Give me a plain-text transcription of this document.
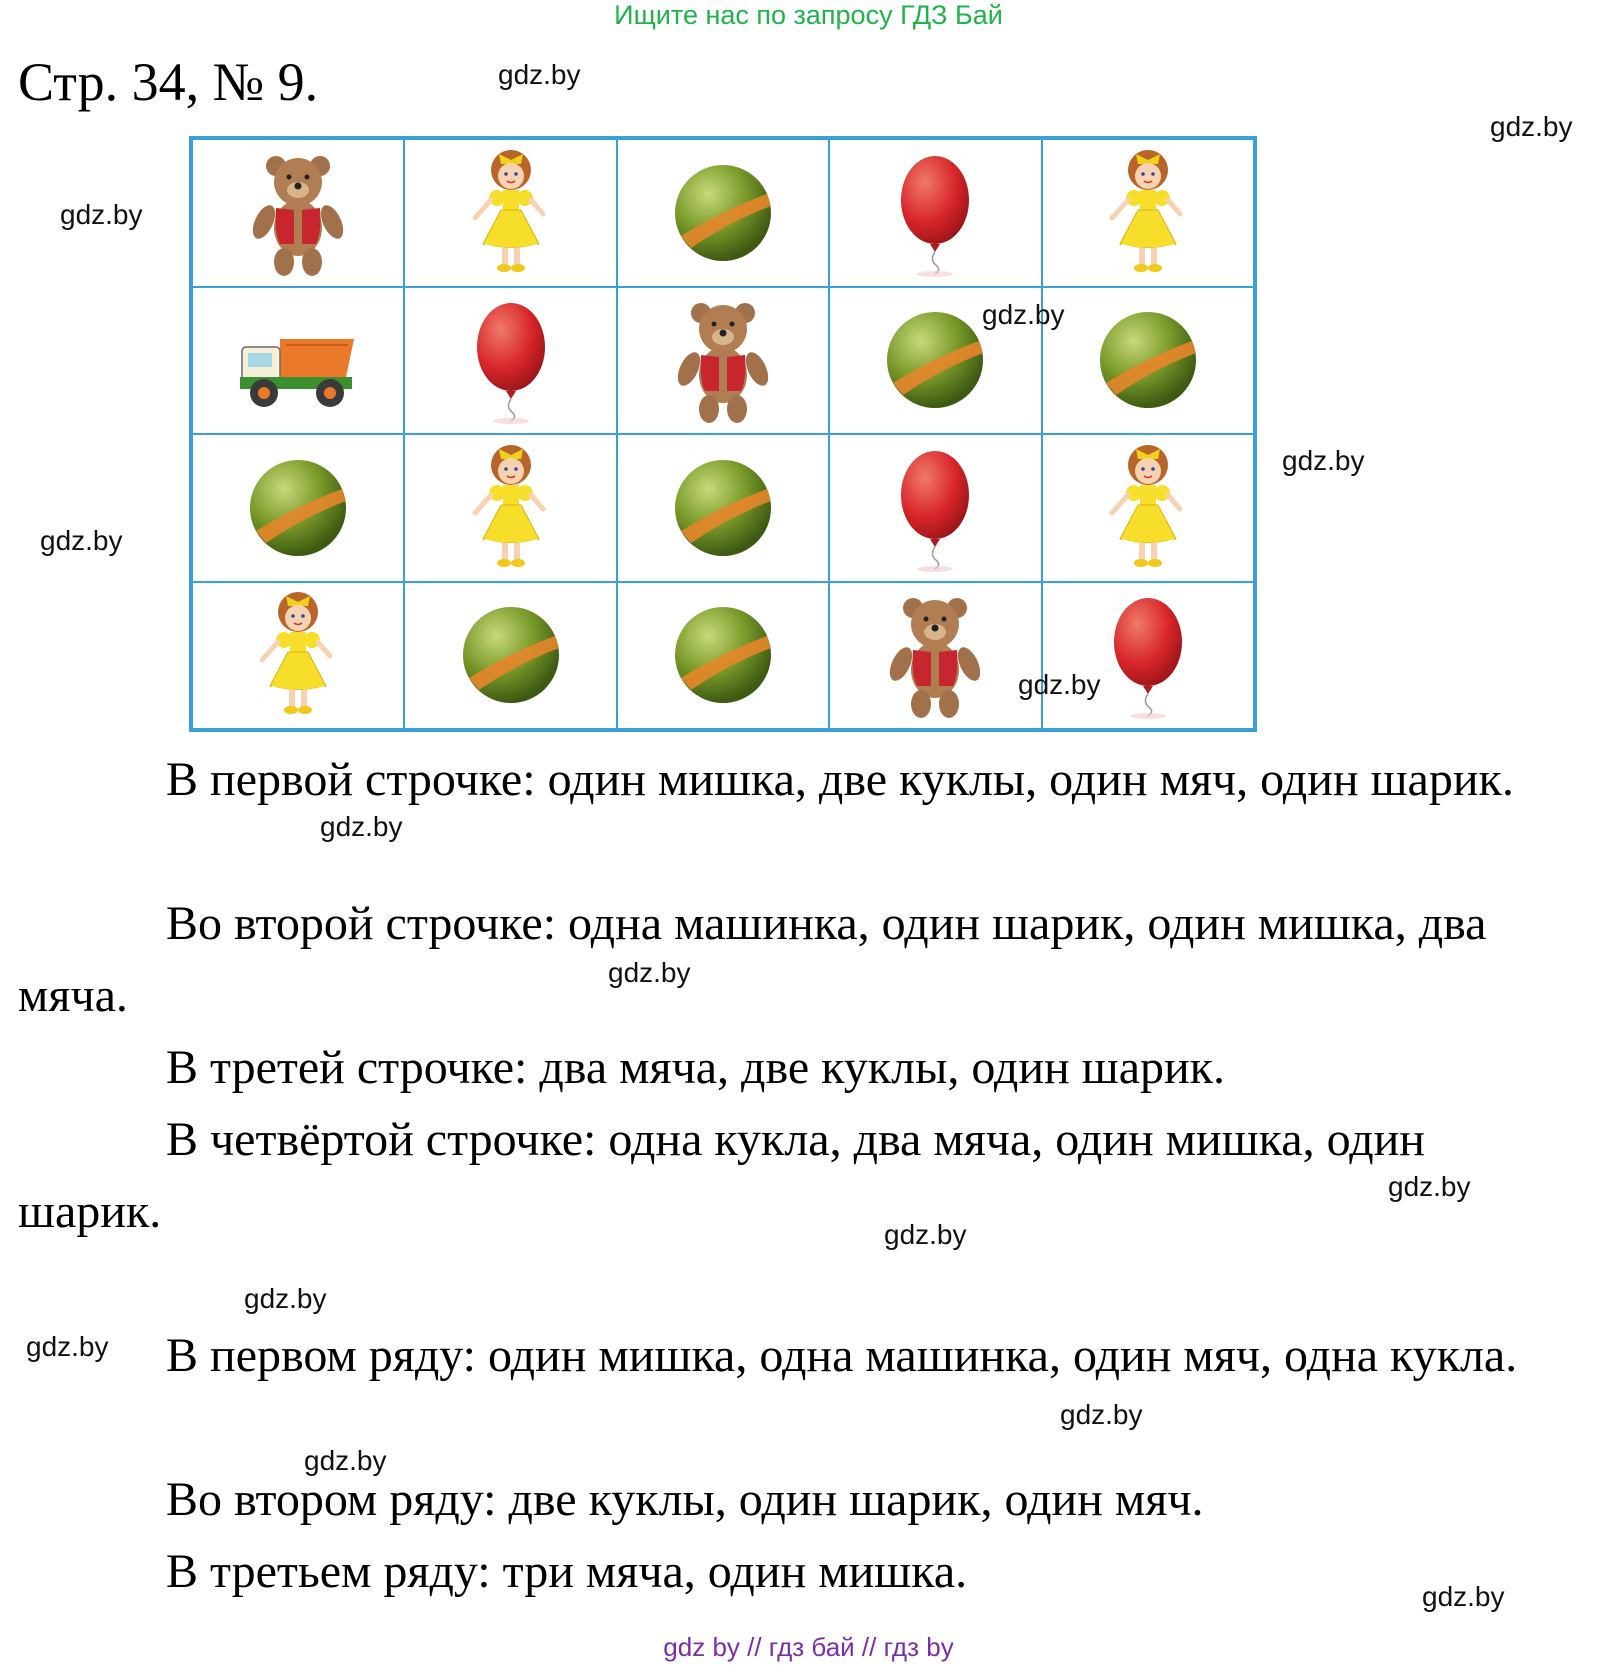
Ищите нас по запросу ГДЗ Бай
Стр. 34, № 9.

В первой строчке: один мишка, две куклы, один мяч, один шарик.

Во второй строчке: одна машинка, один шарик, один мишка, два мяча.

В третей строчке: два мяча, две куклы, один шарик.

В четвёртой строчке: одна кукла, два мяча, один мишка, один шарик.

В первом ряду: один мишка, одна машинка, один мяч, одна кукла.

Во втором ряду: две куклы, один шарик, один мяч.

В третьем ряду: три мяча, один мишка.

gdz.by
gdz.by
gdz.by
gdz.by
gdz.by
gdz.by
gdz.by
gdz.by
gdz.by
gdz.by
gdz.by
gdz.by
gdz.by
gdz.by
gdz.by
gdz.by
gdz by // гдз бай // гдз by
